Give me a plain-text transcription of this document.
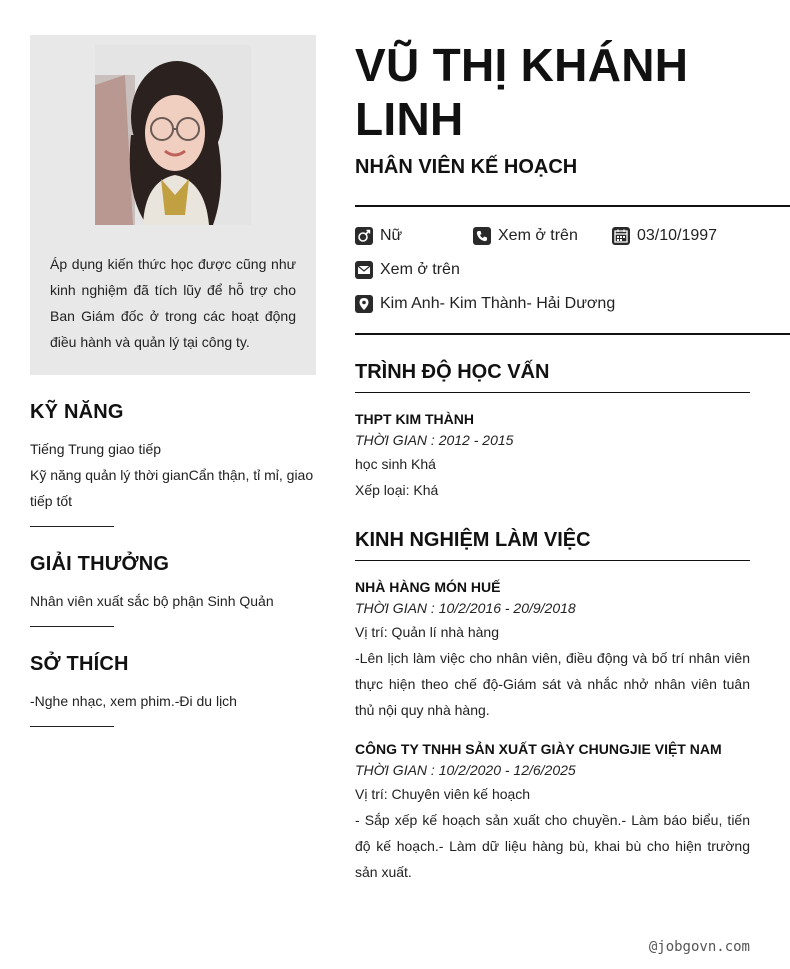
Áp dụng kiến thức học được cũng như kinh nghiệm đã tích lũy để hỗ trợ cho Ban Giám đốc ở trong các hoạt động điều hành và quản lý tại công ty.

KỸ NĂNG
Tiếng Trung giao tiếp
Kỹ năng quản lý thời gianCẩn thận, tỉ mỉ, giao tiếp tốt
GIẢI THƯỞNG
Nhân viên xuất sắc bộ phận Sinh Quản
SỞ THÍCH
-Nghe nhạc, xem phim.-Đi du lịch
VŨ THỊ KHÁNH LINH
NHÂN VIÊN KẾ HOẠCH
Nữ	Xem ở trên	03/10/1997
Xem ở trên
Kim Anh- Kim Thành- Hải Dương
TRÌNH ĐỘ HỌC VẤN
THPT KIM THÀNH
THỜI GIAN : 2012 - 2015
học sinh Khá
Xếp loại: Khá
KINH NGHIỆM LÀM VIỆC
NHÀ HÀNG MÓN HUẾ
THỜI GIAN : 10/2/2016 - 20/9/2018
Vị trí: Quản lí nhà hàng
-Lên lịch làm việc cho nhân viên, điều động và bố trí nhân viên thực hiện theo chế độ-Giám sát và nhắc nhở nhân viên tuân thủ nội quy nhà hàng.
CÔNG TY TNHH SẢN XUẤT GIÀY CHUNGJIE VIỆT NAM
THỜI GIAN : 10/2/2020 - 12/6/2025
Vị trí: Chuyên viên kế hoạch
- Sắp xếp kế hoạch sản xuất cho chuyền.- Làm báo biểu, tiến độ kế hoạch.- Làm dữ liệu hàng bù, khai bù cho hiện trường sản xuất.
@jobgovn.com
